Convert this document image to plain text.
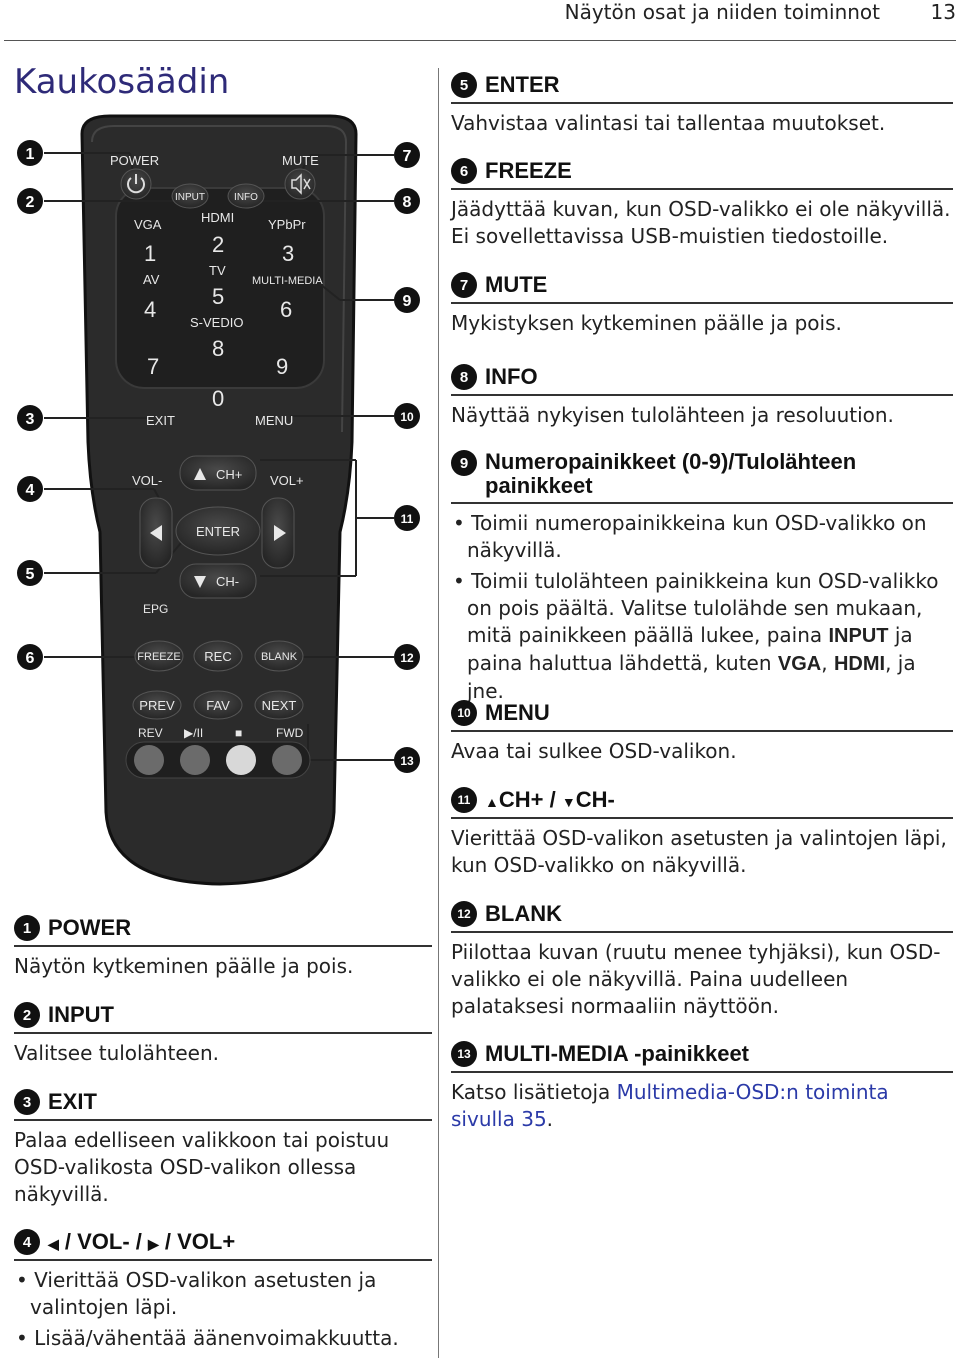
Näytön osat ja niiden toiminnot	13
Kaukosäädin
1
2
3
4
5
6
7
8
9
10
11
12
13
POWER	MUTE
INPUT	INFO
VGA	HDMI	YPbPr
AV
TV
MULTI-MEDIA
S-VEDIO
EXIT	MENU
1	2	3
4
5
6
7
8
9
0
CH+
VOL-	VOL+
ENTER
CH-
EPG
FREEZE REC	BLANK
PREV FAV NEXT
REV ▶/II	■	FWD
1 POWER
Näytön kytkeminen päälle ja pois.
2 INPUT
Valitsee tulolähteen.
3 EXIT
Palaa edelliseen valikkoon tai poistuu OSD-valikosta OSD-valikon ollessa näkyvillä.
4	◀ / VOL- / ▶ / VOL+
• Vierittää OSD-valikon asetusten ja valintojen läpi.
• Lisää/vähentää äänenvoimakkuutta.
5 ENTER
Vahvistaa valintasi tai tallentaa muutokset.
6 FREEZE
Jäädyttää kuvan, kun OSD-valikko ei ole näkyvillä. Ei sovellettavissa USB-muistien tiedostoille.
7 MUTE
Mykistyksen kytkeminen päälle ja pois.
8 INFO
Näyttää nykyisen tulolähteen ja resoluution.
9 Numeropainikkeet (0-9)/Tulolähteen painikkeet
• Toimii numeropainikkeina kun OSD-valikko on näkyvillä.
• Toimii tulolähteen painikkeina kun OSD-valikko on pois päältä. Valitse tulolähde sen mukaan, mitä painikkeen päällä lukee, paina INPUT ja paina haluttua lähdettä, kuten VGA, HDMI, ja jne.
10 MENU
Avaa tai sulkee OSD-valikon.
11	▲CH+ / ▼CH-
Vierittää OSD-valikon asetusten ja valintojen läpi, kun OSD-valikko on näkyvillä.
12 BLANK
Piilottaa kuvan (ruutu menee tyhjäksi), kun OSD-valikko ei ole näkyvillä. Paina uudelleen palataksesi normaaliin näyttöön.
13 MULTI-MEDIA -painikkeet
Katso lisätietoja Multimedia-OSD:n toiminta sivulla 35.
